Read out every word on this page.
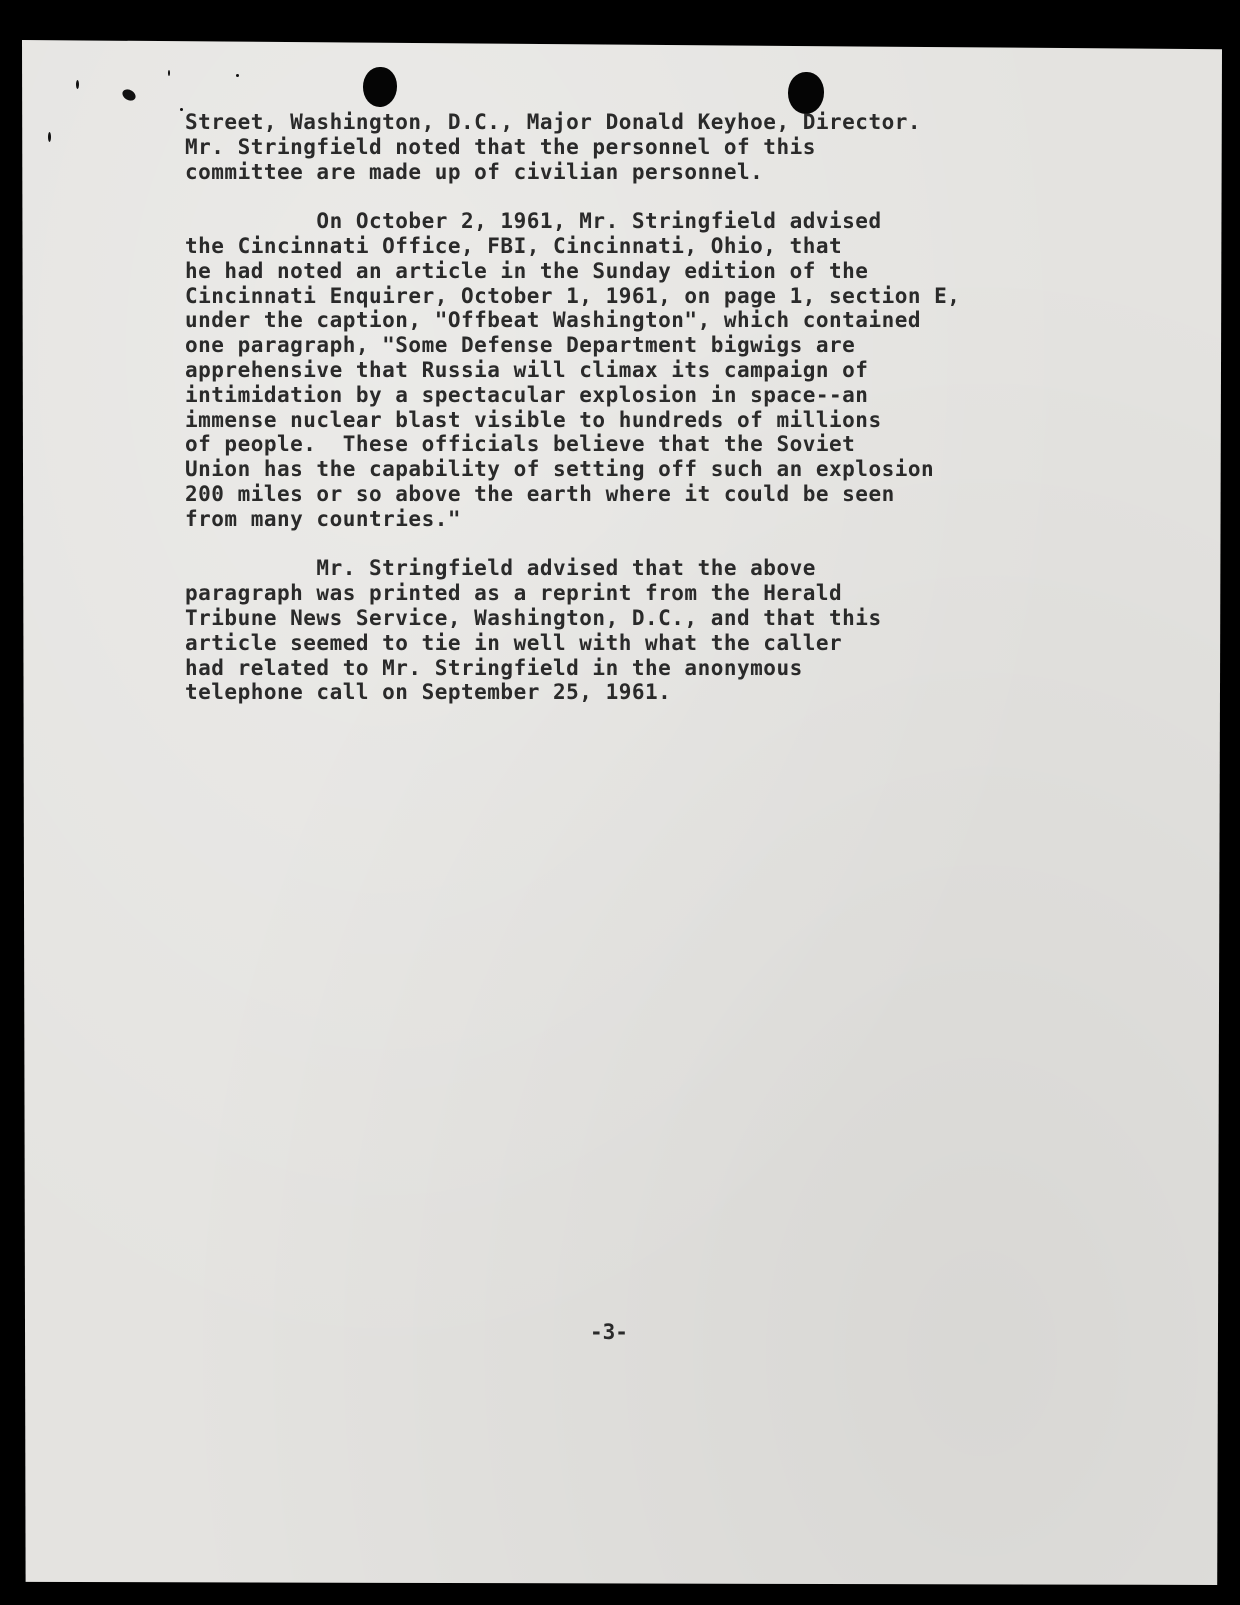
Street, Washington, D.C., Major Donald Keyhoe, Director.
Mr. Stringfield noted that the personnel of this
committee are made up of civilian personnel.

On October 2, 1961, Mr. Stringfield advised
the Cincinnati Office, FBI, Cincinnati, Ohio, that
he had noted an article in the Sunday edition of the
Cincinnati Enquirer, October 1, 1961, on page 1, section E,
under the caption, "Offbeat Washington", which contained
one paragraph, "Some Defense Department bigwigs are
apprehensive that Russia will climax its campaign of
intimidation by a spectacular explosion in space--an
immense nuclear blast visible to hundreds of millions
of people.  These officials believe that the Soviet
Union has the capability of setting off such an explosion
200 miles or so above the earth where it could be seen
from many countries."

Mr. Stringfield advised that the above
paragraph was printed as a reprint from the Herald
Tribune News Service, Washington, D.C., and that this
article seemed to tie in well with what the caller
had related to Mr. Stringfield in the anonymous
telephone call on September 25, 1961.

-3-
